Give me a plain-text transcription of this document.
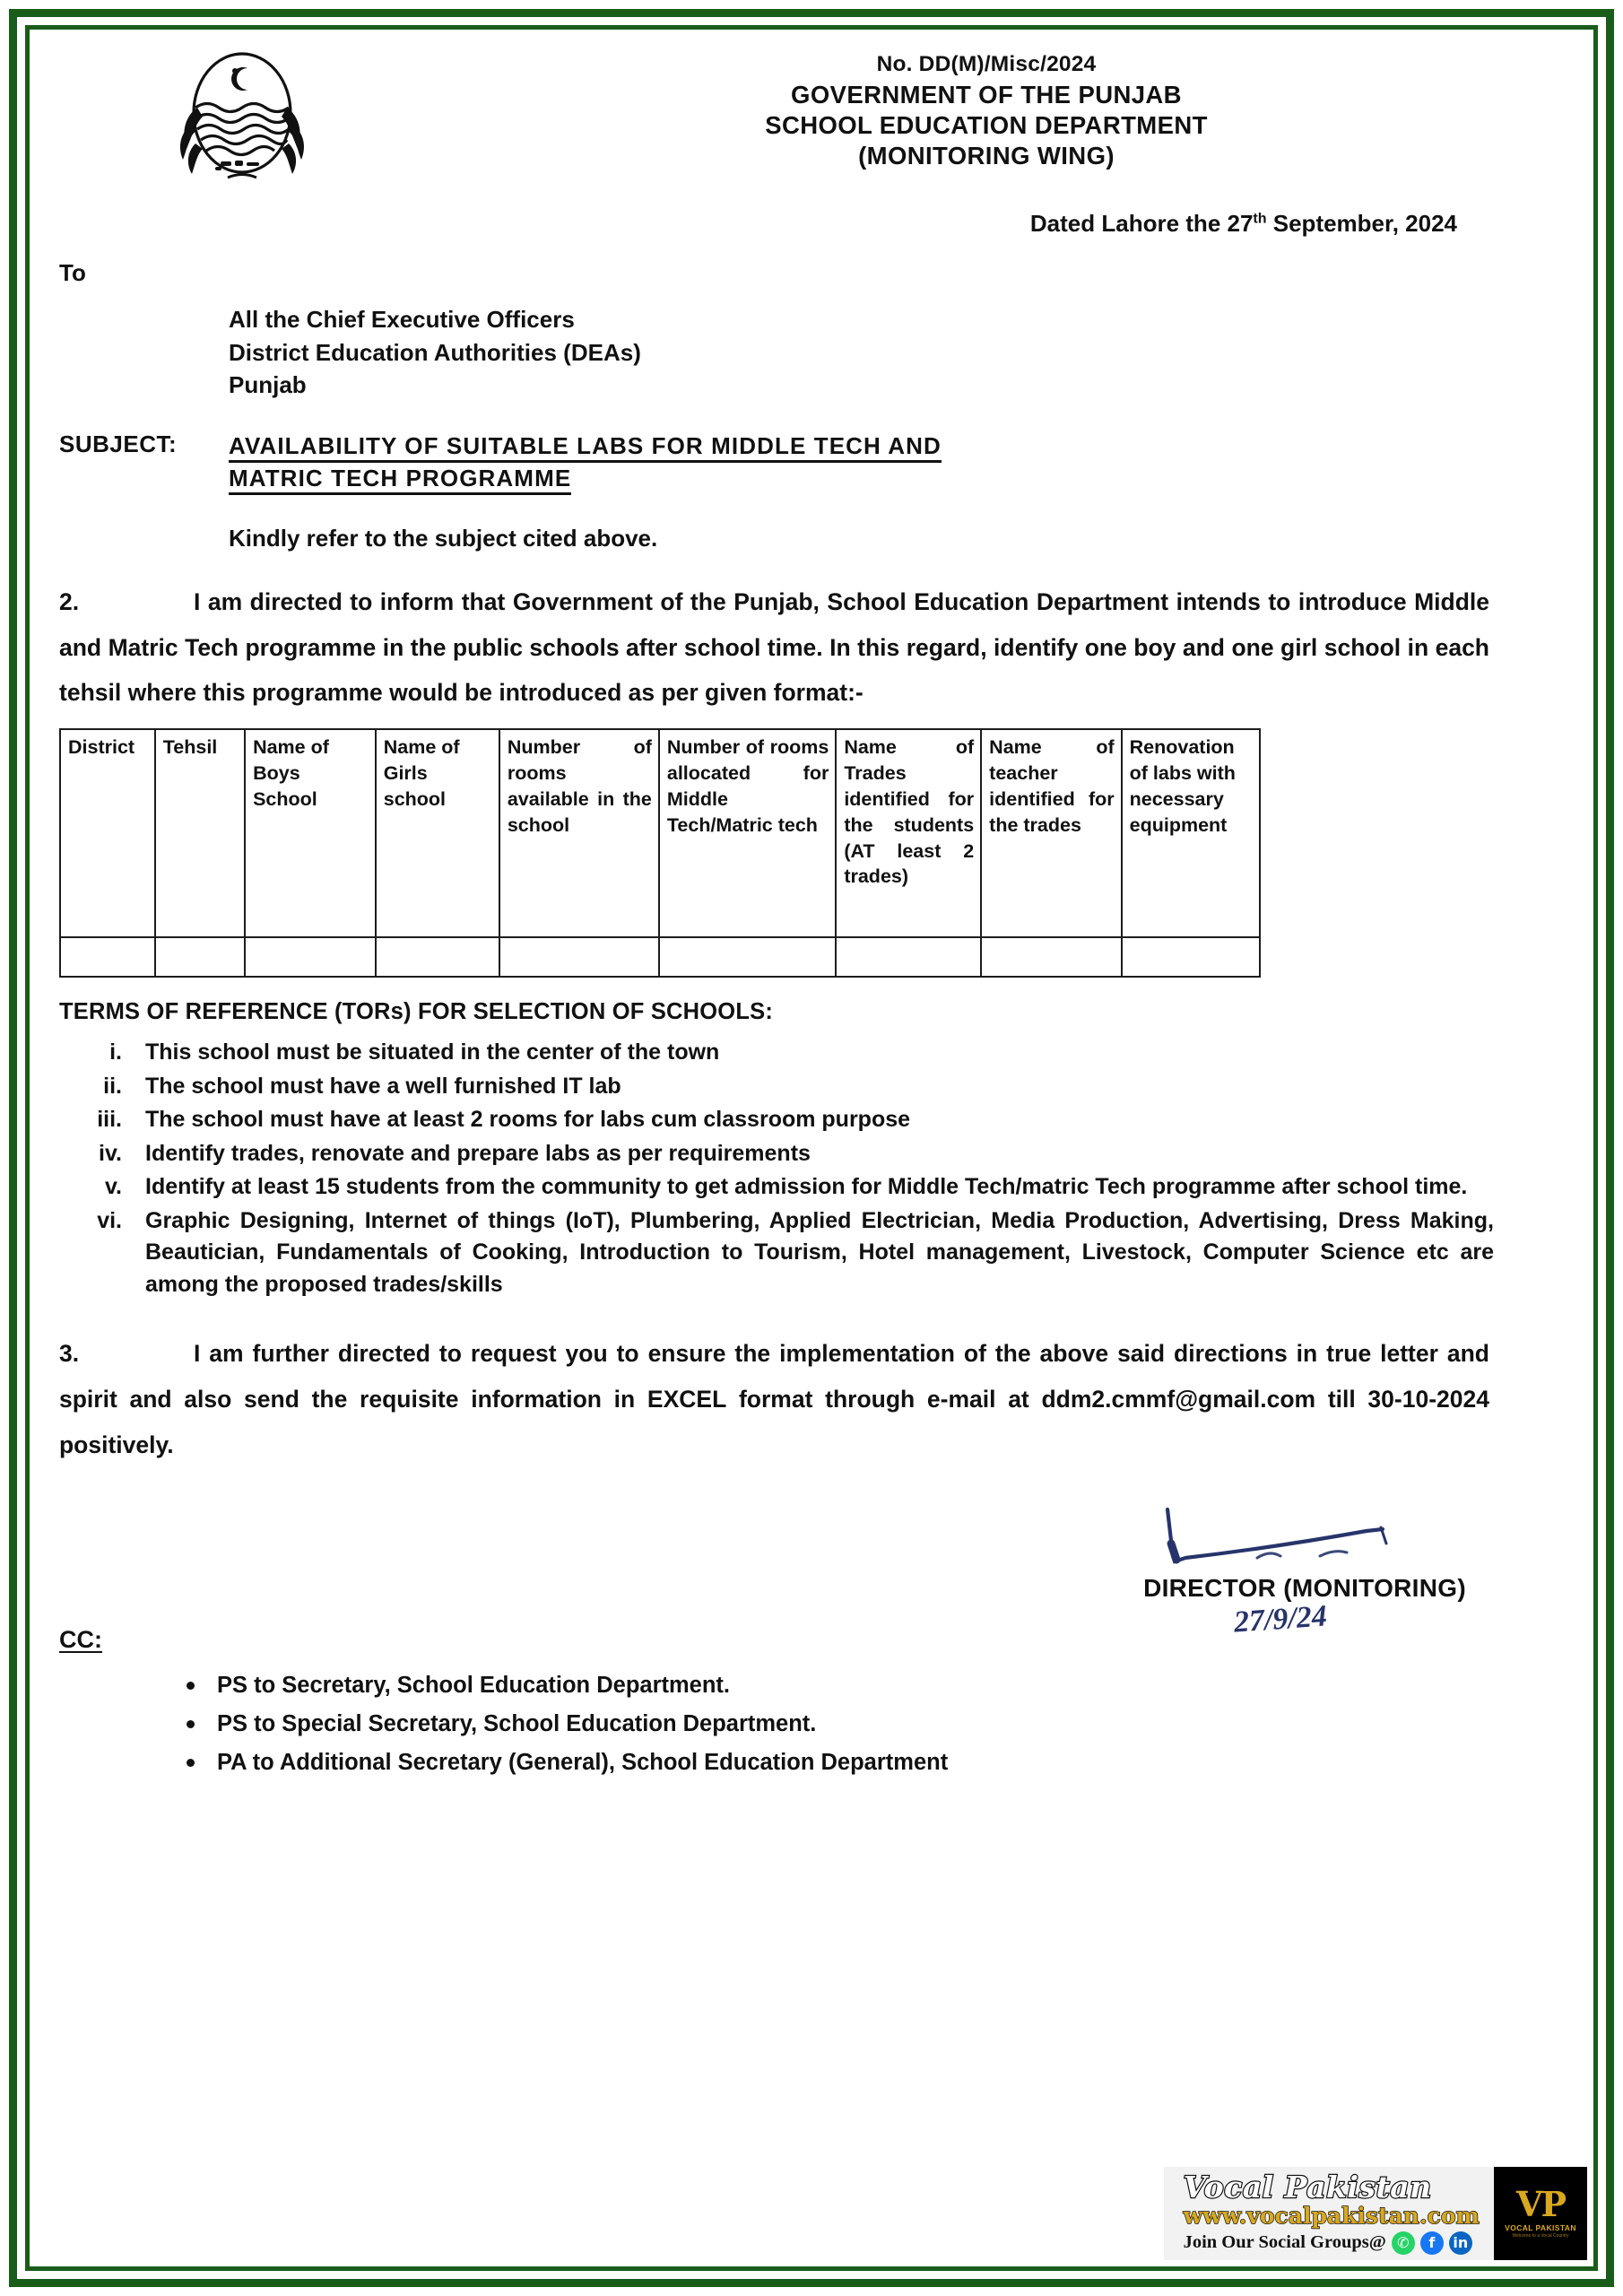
No. DD(M)/Misc/2024
GOVERNMENT OF THE PUNJAB
SCHOOL EDUCATION DEPARTMENT
(MONITORING WING)
Dated Lahore the 27th September, 2024
To
All the Chief Executive Officers
District Education Authorities (DEAs)
Punjab
SUBJECT:	AVAILABILITY OF SUITABLE LABS FOR MIDDLE TECH AND MATRIC TECH PROGRAMME
Kindly refer to the subject cited above.
2.	I am directed to inform that Government of the Punjab, School Education Department intends to introduce Middle and Matric Tech programme in the public schools after school time. In this regard, identify one boy and one girl school in each tehsil where this programme would be introduced as per given format:-
District	Tehsil	Name of Boys School	Name of Girls school	Number of rooms available in the school	Number of rooms allocated for Middle Tech/Matric tech	Name of Trades identified for the students (AT least 2 trades)	Name of teacher identified for the trades	Renovation of labs with necessary equipment

TERMS OF REFERENCE (TORs) FOR SELECTION OF SCHOOLS:
i.	This school must be situated in the center of the town
ii.	The school must have a well furnished IT lab
iii.	The school must have at least 2 rooms for labs cum classroom purpose
iv.	Identify trades, renovate and prepare labs as per requirements
v.	Identify at least 15 students from the community to get admission for Middle Tech/matric Tech programme after school time.
vi.	Graphic Designing, Internet of things (IoT), Plumbering, Applied Electrician, Media Production, Advertising, Dress Making, Beautician, Fundamentals of Cooking, Introduction to Tourism, Hotel management, Livestock, Computer Science etc are among the proposed trades/skills
3.	I am further directed to request you to ensure the implementation of the above said directions in true letter and spirit and also send the requisite information in EXCEL format through e-mail at ddm2.cmmf@gmail.com till 30-10-2024 positively.
DIRECTOR (MONITORING)
27/9/24
CC:
PS to Secretary, School Education Department.
PS to Special Secretary, School Education Department.
PA to Additional Secretary (General), School Education Department
Vocal Pakistan
www.vocalpakistan.com
Join Our Social Groups@ ✆	f	in
VP
VOCAL PAKISTAN
Welcome to a Vocal Country
